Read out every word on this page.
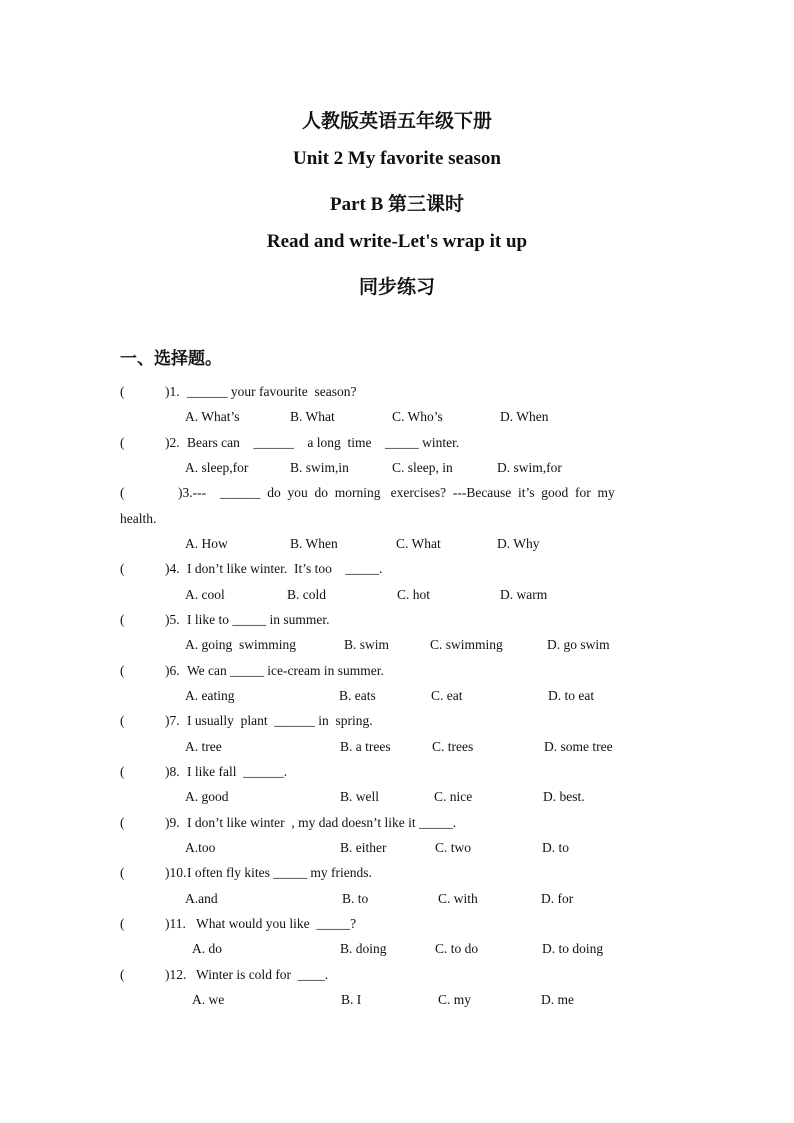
人教版英语五年级下册
Unit 2 My favorite season
Part B 第三课时
Read and write-Let's wrap it up
同步练习
一、选择题。
(	)1. ______ your favourite  season?
A. What’s	B. What	C. Who’s	D. When
(	)2. Bears can    ______    a long  time    _____ winter.
A. sleep,for	B. swim,in	C. sleep, in	D. swim,for
(	)3.--- ______  do  you  do  morning   exercises?  ---Because  it’s  good  for  my
health.
A. How	B. When	C. What	D. Why
(	)4. I don’t like winter.  It’s too    _____.
A. cool	B. cold	C. hot	D. warm
(	)5. I like to _____ in summer.
A. going  swimming	B. swim	C. swimming	D. go swim
(	)6. We can _____ ice-cream in summer.
A. eating	B. eats	C. eat	D. to eat
(	)7. I usually  plant  ______ in  spring.
A. tree	B. a trees	C. trees	D. some tree
(	)8. I like fall  ______.
A. good	B. well	C. nice	D. best.
(	)9. I don’t like winter  , my dad doesn’t like it _____.
A.too	B. either	C. two	D. to
(	)10. I often fly kites _____ my friends.
A.and	B. to	C. with	D. for
(	)11. What would you like  _____?
A. do	B. doing	C. to do	D. to doing
(	)12. Winter is cold for  ____.
A. we	B. I	C. my	D. me
